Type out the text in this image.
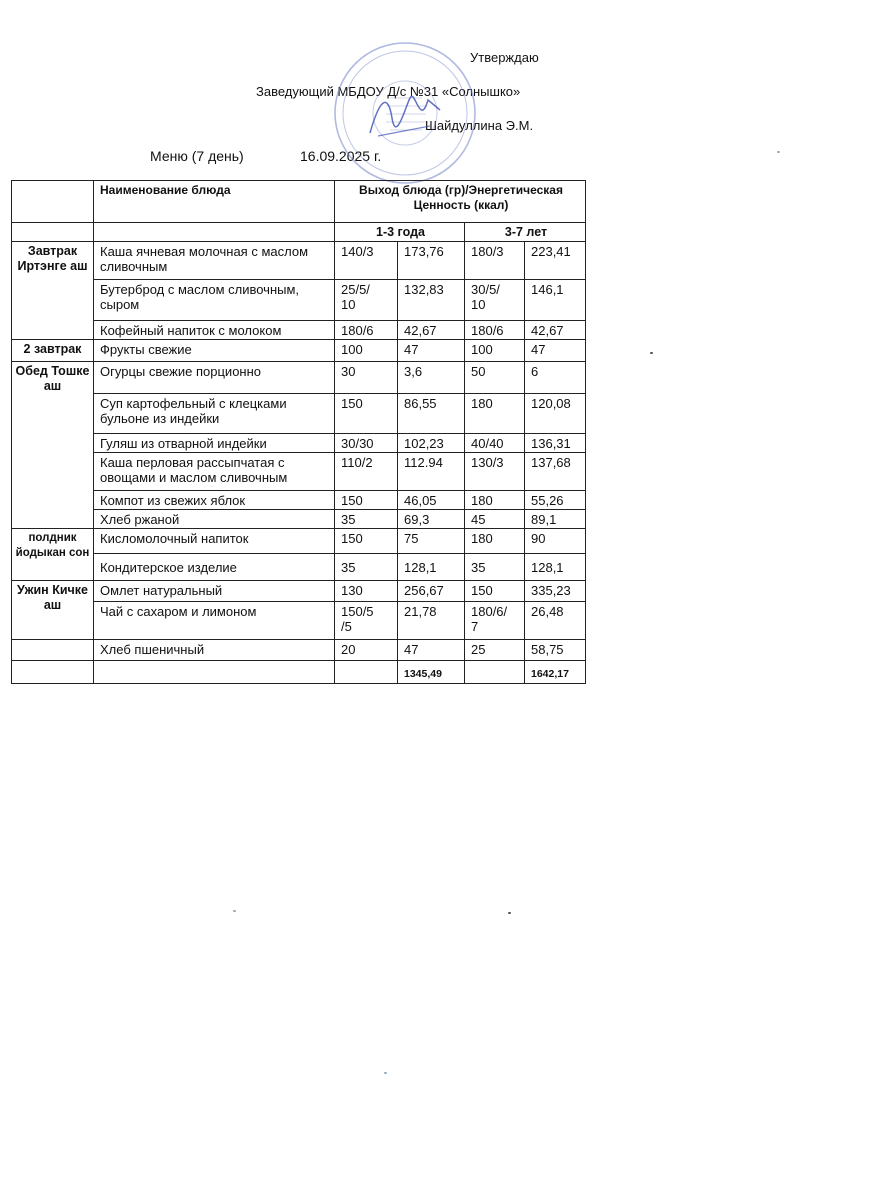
Утверждаю
Заведующий МБДОУ Д/с №31 «Солнышко»
Шайдуллина Э.М.
Меню (7 день)	16.09.2025 г.
	Наименование блюда	Выход блюда (гр)/Энергетическая Ценность (ккал)			
		1-3 года		3-7 лет	
Завтрак Иртэнге аш	Каша ячневая молочная с маслом сливочным	140/3	173,76	180/3	223,41
	Бутерброд с маслом сливочным, сыром	25/5/ 10	132,83	30/5/ 10	146,1
	Кофейный напиток с молоком	180/6	42,67	180/6	42,67
2 завтрак	Фрукты свежие	100	47	100	47
Обед Тошке аш	Огурцы свежие порционно	30	3,6	50	6
	Суп картофельный с клецками бульоне из индейки	150	86,55	180	120,08
	Гуляш из отварной индейки	30/30	102,23	40/40	136,31
	Каша перловая рассыпчатая с овощами и маслом сливочным	110/2	112.94	130/3	137,68
	Компот из свежих яблок	150	46,05	180	55,26
	Хлеб ржаной	35	69,3	45	89,1
полдник йодыкан сон	Кисломолочный напиток	150	75	180	90
	Кондитерское изделие	35	128,1	35	128,1
Ужин Кичке аш	Омлет натуральный	130	256,67	150	335,23
	Чай с сахаром и лимоном	150/5 /5	21,78	180/6/ 7	26,48
	Хлеб пшеничный	20	47	25	58,75
			1345,49		1642,17
